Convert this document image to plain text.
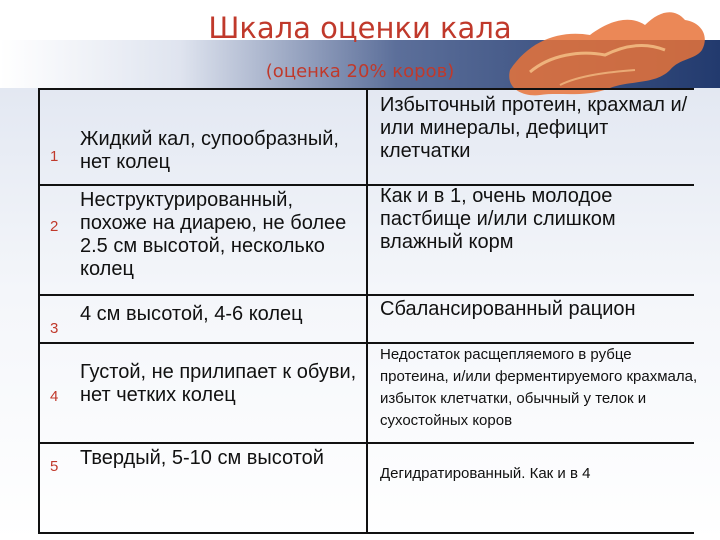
Шкала оценки кала
(оценка 20% коров)
1
Жидкий кал, супообразный, нет колец
Избыточный протеин, крахмал и/или минералы, дефицит клетчатки
2
Неструктурированный, похоже на диарею, не более 2.5 см высотой, несколько колец
Как и в 1, очень молодое пастбище и/или слишком влажный корм
3
4 см высотой, 4-6 колец	Сбалансированный рацион
4
Густой, не прилипает к обуви, нет четких колец
Недостаток расщепляемого в рубце протеина, и/или ферментируемого крахмала, избыток клетчатки, обычный у телок и сухостойных коров
5 Твердый, 5-10 см высотой
Дегидратированный. Как и в 4
